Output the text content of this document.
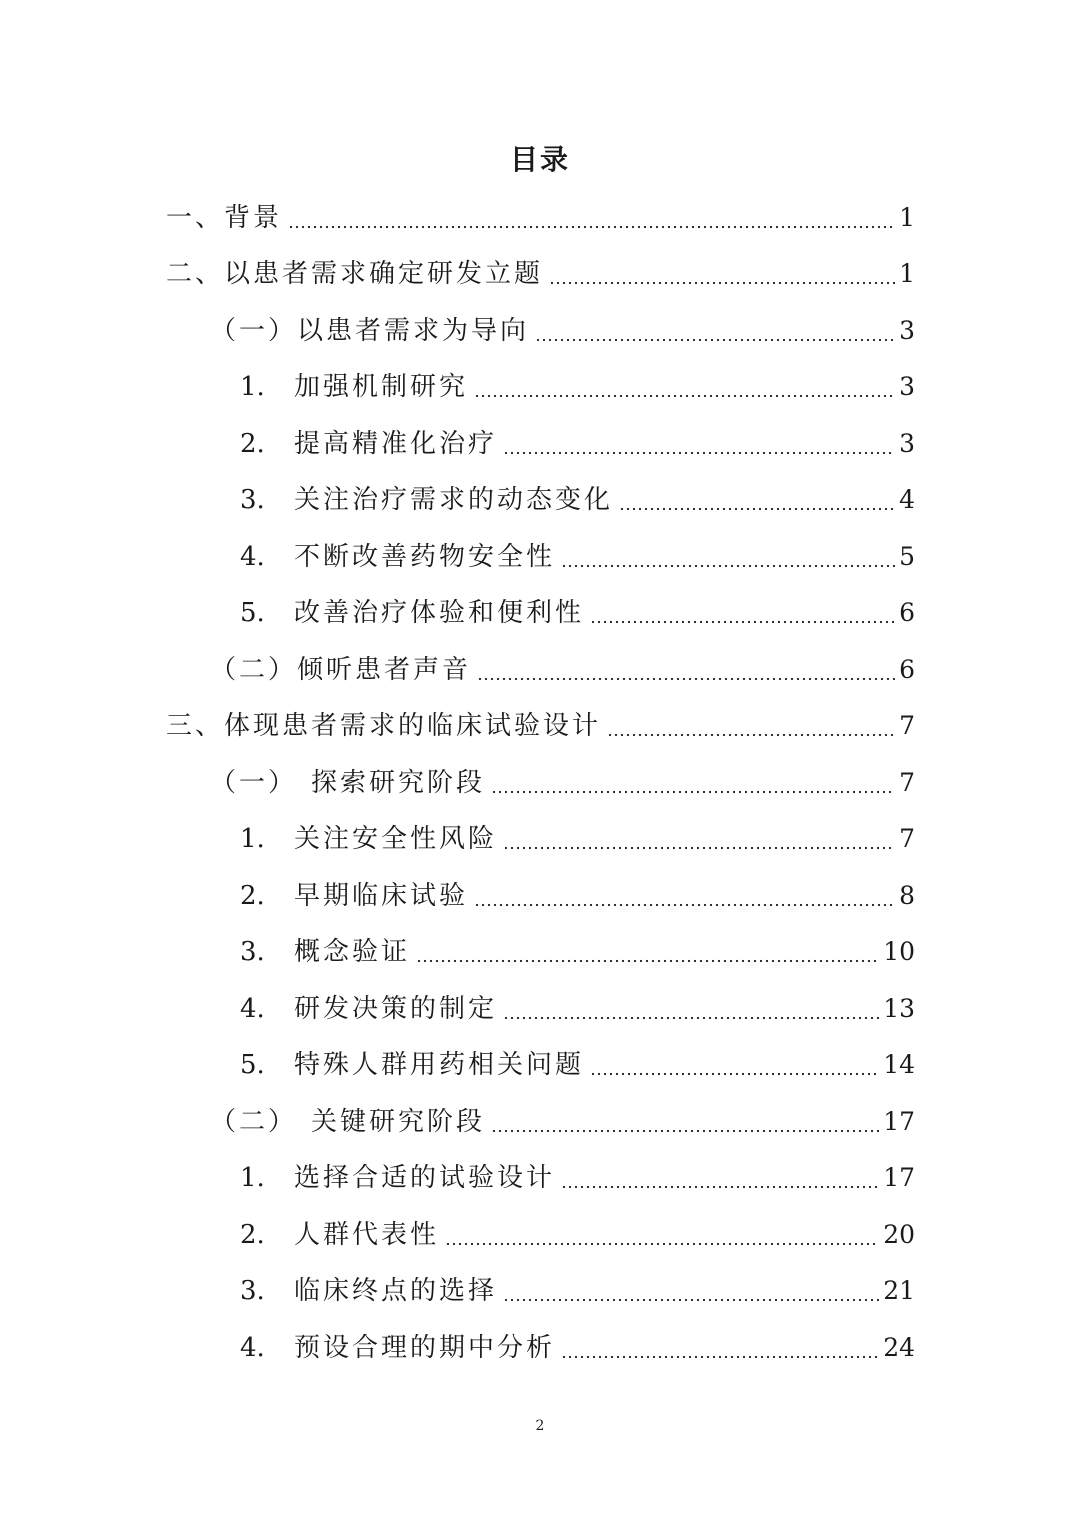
目录
一、 背景	1
二、 以患者需求确定研发立题	1
（一） 以患者需求为导向	3
1.	加强机制研究	3
2.	提高精准化治疗	3
3.	关注治疗需求的动态变化	4
4.	不断改善药物安全性	5
5.	改善治疗体验和便利性	6
（二） 倾听患者声音	6
三、 体现患者需求的临床试验设计	7
（一） 探索研究阶段	7
1.	关注安全性风险	7
2.	早期临床试验	8
3.	概念验证	10
4.	研发决策的制定	13
5.	特殊人群用药相关问题	14
（二） 关键研究阶段	17
1.	选择合适的试验设计	17
2.	人群代表性	20
3.	临床终点的选择	21
4.	预设合理的期中分析	24
2
